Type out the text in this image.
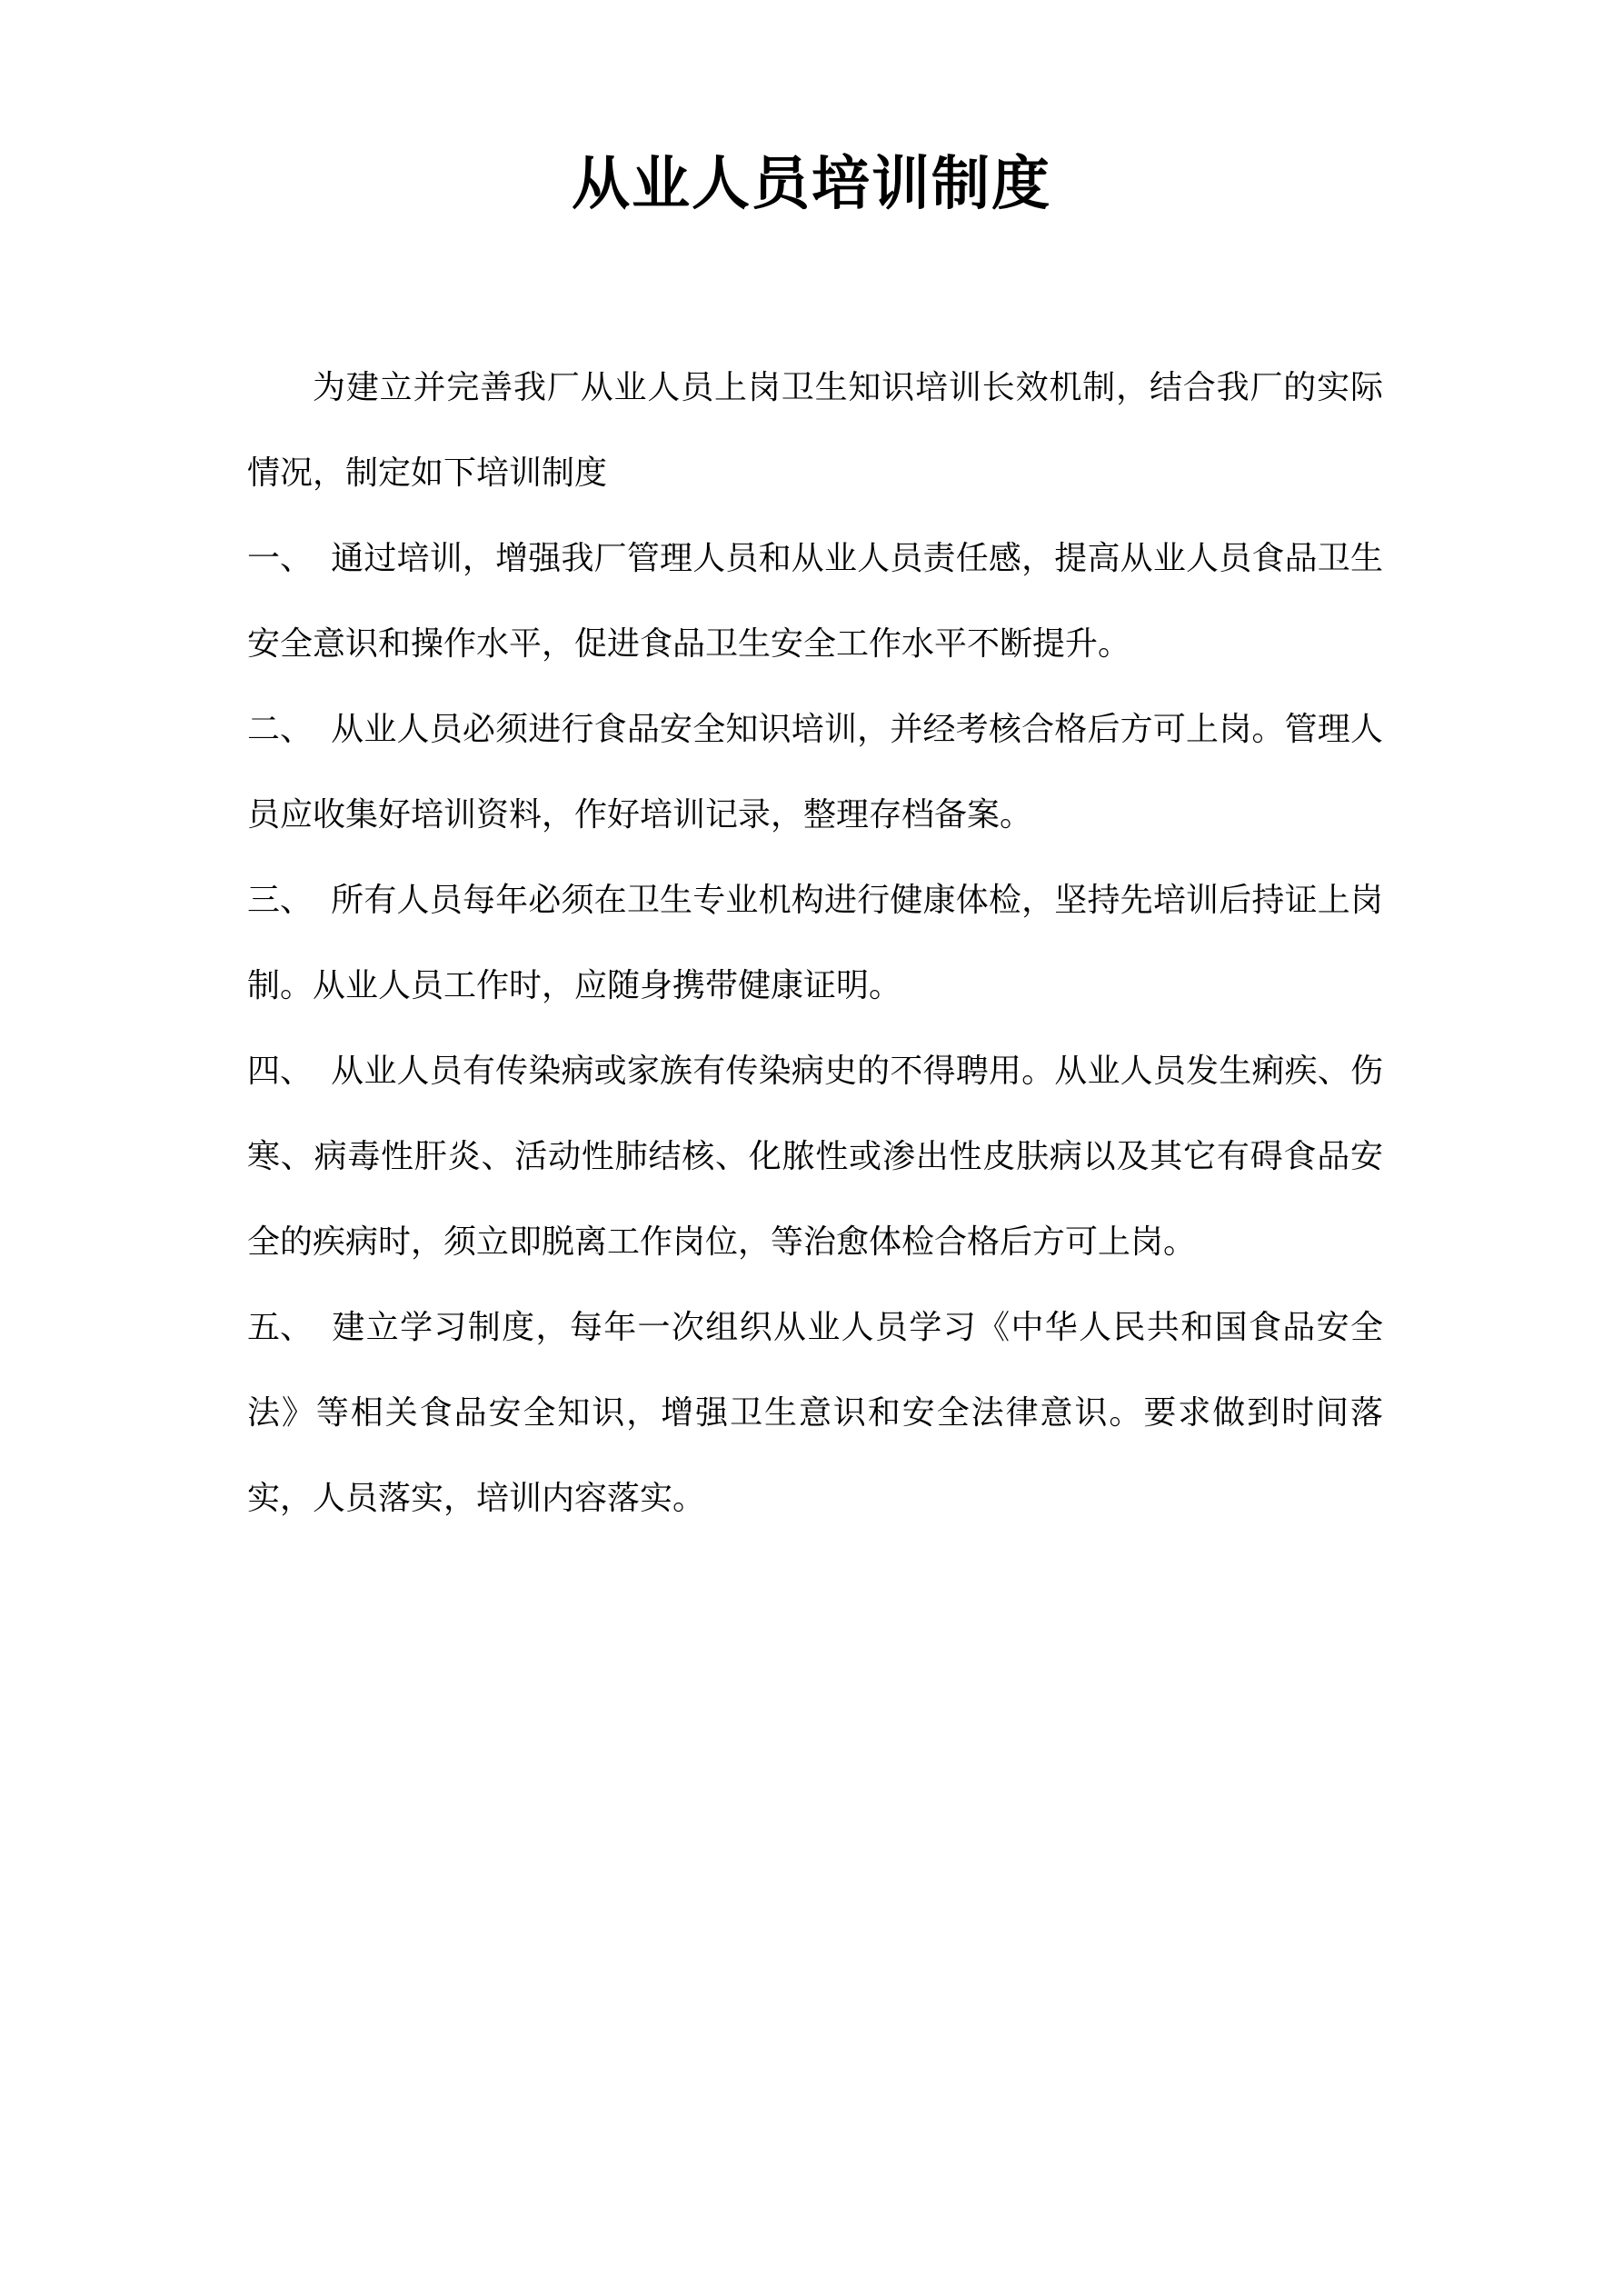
从业人员培训制度

为建立并完善我厂从业人员上岗卫生知识培训长效机制，结合我厂的实际情况，制定如下培训制度

一、 通过培训，增强我厂管理人员和从业人员责任感，提高从业人员食品卫生安全意识和操作水平，促进食品卫生安全工作水平不断提升。

二、 从业人员必须进行食品安全知识培训，并经考核合格后方可上岗。管理人员应收集好培训资料，作好培训记录，整理存档备案。

三、 所有人员每年必须在卫生专业机构进行健康体检，坚持先培训后持证上岗制。从业人员工作时，应随身携带健康证明。

四、 从业人员有传染病或家族有传染病史的不得聘用。从业人员发生痢疾、伤寒、病毒性肝炎、活动性肺结核、化脓性或渗出性皮肤病以及其它有碍食品安全的疾病时，须立即脱离工作岗位，等治愈体检合格后方可上岗。

五、 建立学习制度，每年一次组织从业人员学习《中华人民共和国食品安全法》等相关食品安全知识，增强卫生意识和安全法律意识。要求做到时间落实，人员落实，培训内容落实。
